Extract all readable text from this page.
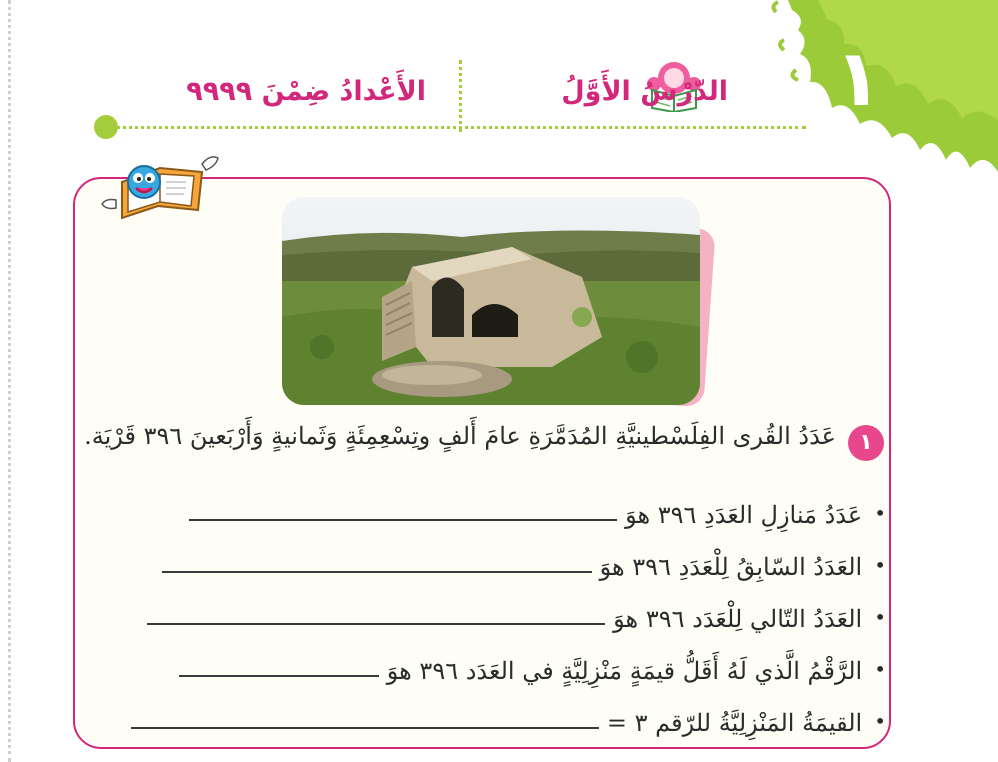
١
الدّرْسُ الأَوَّلُ
الأَعْدادُ ضِمْنَ ٩٩٩٩
١
عَدَدُ القُرى الفِلَسْطينيَّةِ المُدَمَّرَةِ عامَ أَلفٍ وتِسْعِمِئَةٍ وَثَمانيةٍ وَأَرْبَعينَ ٣٩٦ قَرْيَة.
•
عَدَدُ مَنازِلِ العَدَدِ ٣٩٦ هوَ
•
العَدَدُ السّابِقُ لِلْعَدَدِ ٣٩٦ هوَ
•
العَدَدُ التّالي لِلْعَدَد ٣٩٦ هوَ
•
الرَّقْمُ الَّذي لَهُ أَقَلُّ قيمَةٍ مَنْزِلِيَّةٍ في العَدَد ٣٩٦ هوَ
•
القيمَةُ المَنْزِلِيَّةُ للرّقم ٣ =
